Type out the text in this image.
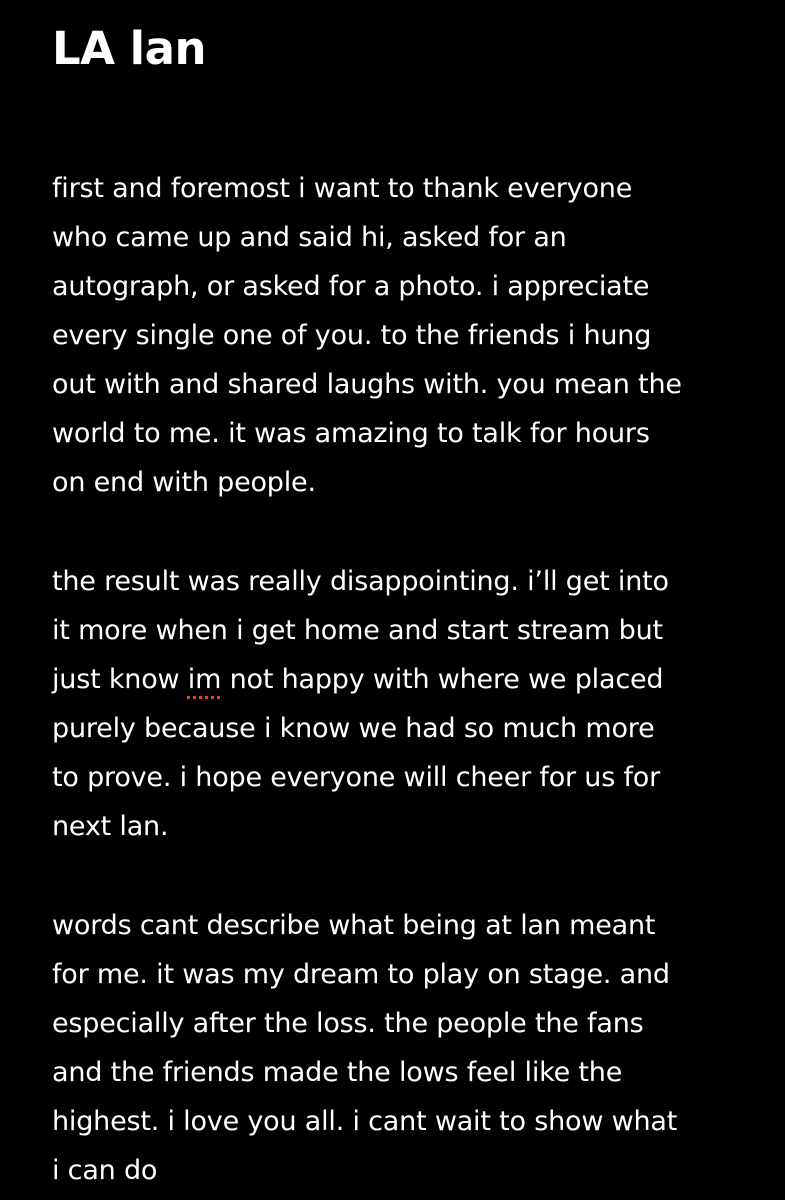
LA lan

first and foremost i want to thank everyone
who came up and said hi, asked for an
autograph, or asked for a photo. i appreciate
every single one of you. to the friends i hung
out with and shared laughs with. you mean the
world to me. it was amazing to talk for hours
on end with people.

the result was really disappointing. i’ll get into
it more when i get home and start stream but
just know im not happy with where we placed
purely because i know we had so much more
to prove. i hope everyone will cheer for us for
next lan.

words cant describe what being at lan meant
for me. it was my dream to play on stage. and
especially after the loss. the people the fans
and the friends made the lows feel like the
highest. i love you all. i cant wait to show what
i can do
